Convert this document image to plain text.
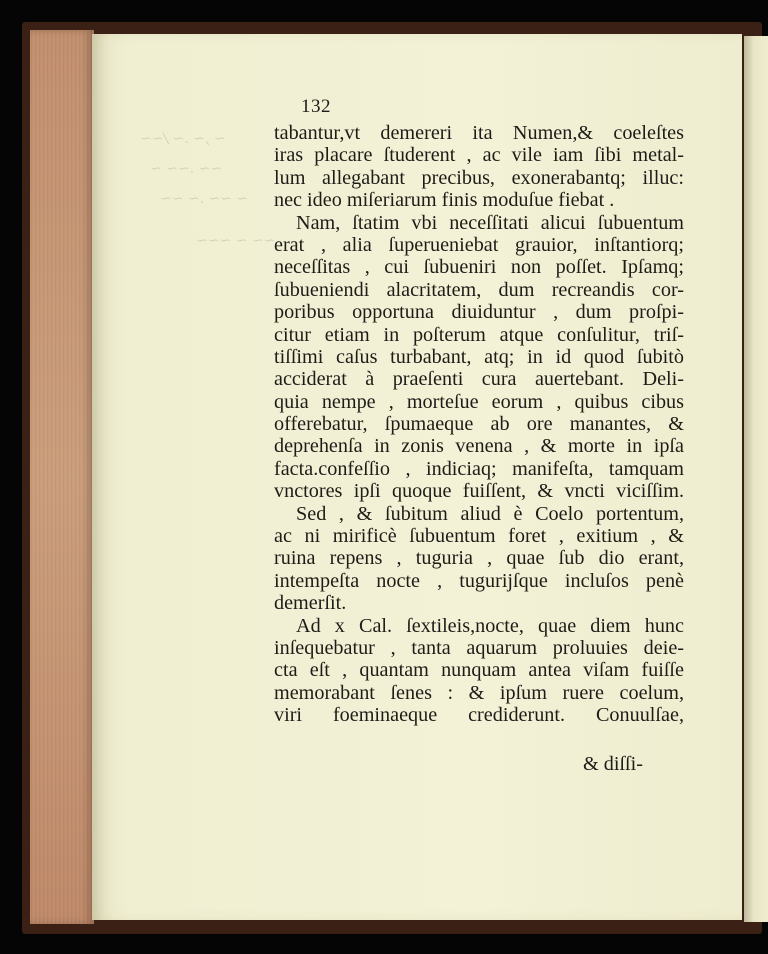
~ ,~ .~ /~~
~~ .~~ ~
~ ~~ .~ ~~
~~ ~ ~~~
132
tabantur,vt demereri ita Numen,& coeleſtes
iras placare ſtuderent , ac vile iam ſibi metal-
lum allegabant precibus, exonerabantq; illuc:
nec ideo miſeriarum finis moduſue fiebat .
Nam, ſtatim vbi neceſſitati alicui ſubuentum
erat , alia ſuperueniebat grauior, inſtantiorq;
neceſſitas , cui ſubueniri non poſſet. Ipſamq;
ſubueniendi alacritatem, dum recreandis cor-
poribus opportuna diuiduntur , dum proſpi-
citur etiam in poſterum atque conſulitur, triſ-
tiſſimi caſus turbabant, atq; in id quod ſubitò
acciderat à praeſenti cura auertebant. Deli-
quia nempe , morteſue eorum , quibus cibus
offerebatur, ſpumaeque ab ore manantes, &
deprehenſa in zonis venena , & morte in ipſa
facta.confeſſio , indiciaq; manifeſta, tamquam
vnctores ipſi quoque fuiſſent, & vncti viciſſim.
Sed , & ſubitum aliud è Coelo portentum,
ac ni mirificè ſubuentum foret , exitium , &
ruina repens , tuguria , quae ſub dio erant,
intempeſta nocte , tugurijſque incluſos penè
demerſit.
Ad x Cal. ſextileis,nocte, quae diem hunc
inſequebatur , tanta aquarum proluuies deie-
cta eſt , quantam nunquam antea viſam fuiſſe
memorabant ſenes : & ipſum ruere coelum,
viri foeminaeque crediderunt. Conuulſae,
& diſſi-
